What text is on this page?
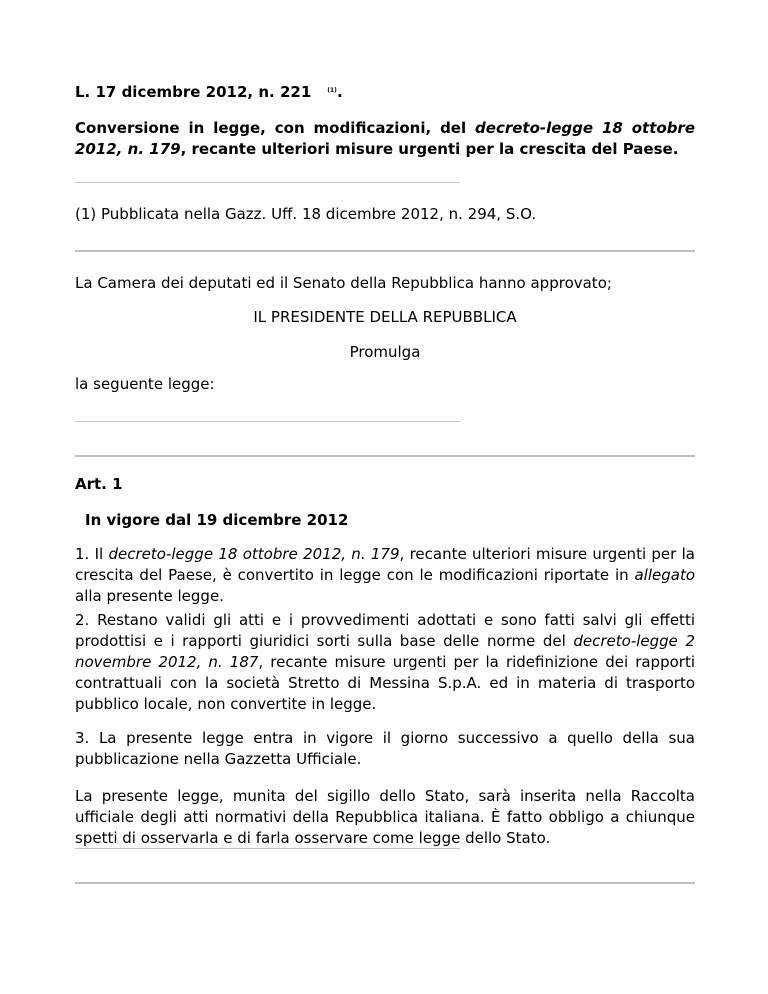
L. 17 dicembre 2012, n. 221	$^{(1)}$.
Conversione in legge, con modificazioni, del decreto-legge 18 ottobre 2012, n. 179, recante ulteriori misure urgenti per la crescita del Paese.
(1) Pubblicata nella Gazz. Uff. 18 dicembre 2012, n. 294, S.O.
La Camera dei deputati ed il Senato della Repubblica hanno approvato;
IL PRESIDENTE DELLA REPUBBLICA
Promulga
la seguente legge:
Art. 1
In vigore dal 19 dicembre 2012
1. Il decreto-legge 18 ottobre 2012, n. 179, recante ulteriori misure urgenti per la crescita del Paese, è convertito in legge con le modificazioni riportate in allegato alla presente legge.
2. Restano validi gli atti e i provvedimenti adottati e sono fatti salvi gli effetti prodottisi e i rapporti giuridici sorti sulla base delle norme del decreto-legge 2 novembre 2012, n. 187, recante misure urgenti per la ridefinizione dei rapporti contrattuali con la società Stretto di Messina S.p.A. ed in materia di trasporto pubblico locale, non convertite in legge.
3. La presente legge entra in vigore il giorno successivo a quello della sua pubblicazione nella Gazzetta Ufficiale.
La presente legge, munita del sigillo dello Stato, sarà inserita nella Raccolta ufficiale degli atti normativi della Repubblica italiana. È fatto obbligo a chiunque spetti di osservarla e di farla osservare come legge dello Stato.
